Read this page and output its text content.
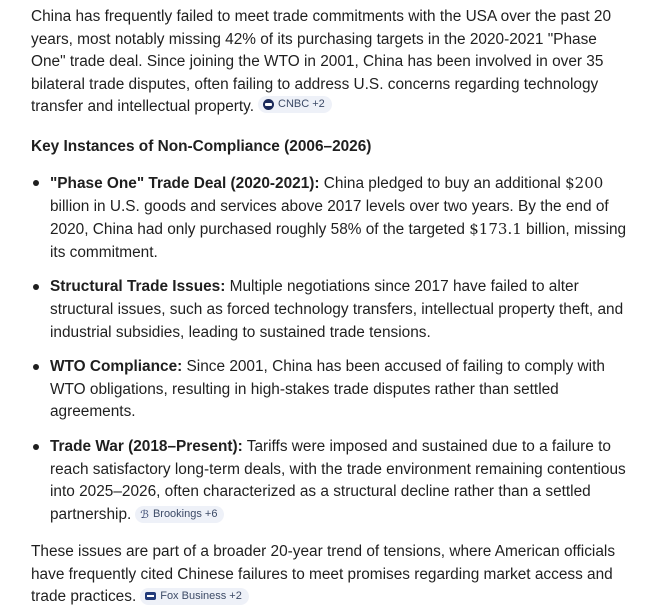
China has frequently failed to meet trade commitments with the USA over the past 20 years, most notably missing 42% of its purchasing targets in the 2020-2021 "Phase One" trade deal. Since joining the WTO in 2001, China has been involved in over 35 bilateral trade disputes, often failing to address U.S. concerns regarding technology transfer and intellectual property. CNBC +2

Key Instances of Non-Compliance (2006–2026)
"Phase One" Trade Deal (2020-2021): China pledged to buy an additional $200 billion in U.S. goods and services above 2017 levels over two years. By the end of 2020, China had only purchased roughly 58% of the targeted $173.1 billion, missing its commitment.
Structural Trade Issues: Multiple negotiations since 2017 have failed to alter structural issues, such as forced technology transfers, intellectual property theft, and industrial subsidies, leading to sustained trade tensions.
WTO Compliance: Since 2001, China has been accused of failing to comply with WTO obligations, resulting in high-stakes trade disputes rather than settled agreements.
Trade War (2018–Present): Tariffs were imposed and sustained due to a failure to reach satisfactory long-term deals, with the trade environment remaining contentious into 2025–2026, often characterized as a structural decline rather than a settled partnership. ℬ Brookings +6

These issues are part of a broader 20-year trend of tensions, where American officials have frequently cited Chinese failures to meet promises regarding market access and trade practices. Fox Business +2
